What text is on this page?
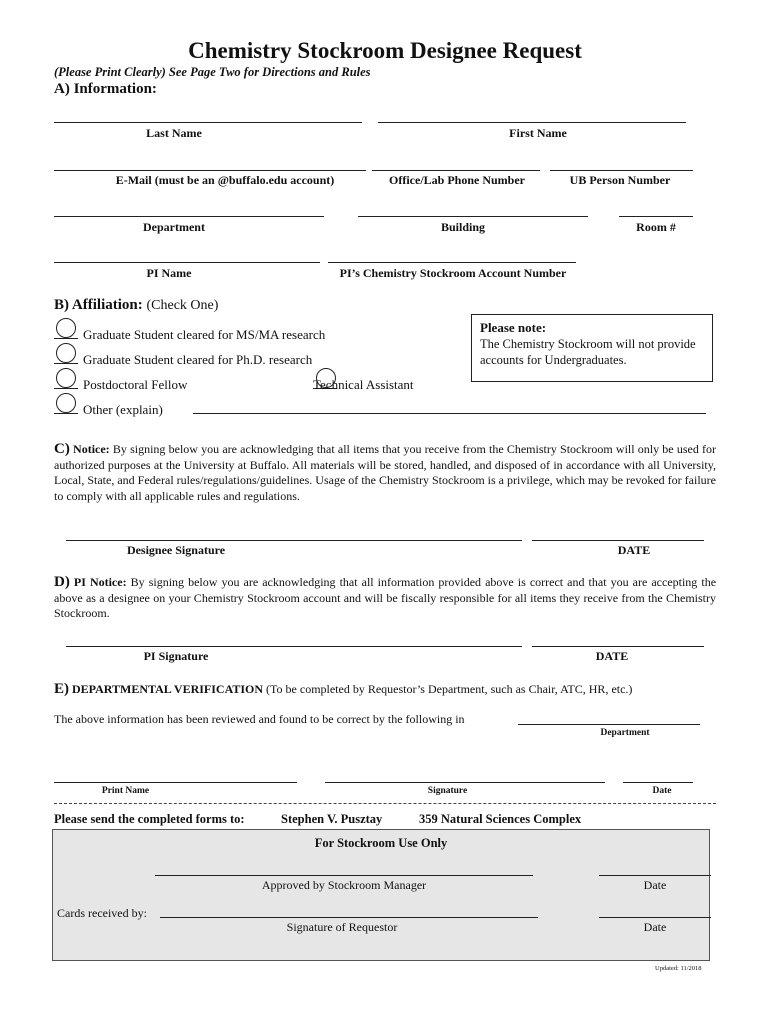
Chemistry Stockroom Designee Request
(Please Print Clearly) See Page Two for Directions and Rules
A) Information:
Last Name	First Name
E-Mail (must be an @buffalo.edu account)	Office/Lab Phone Number	UB Person Number
Department	Building	Room #
PI Name	PI’s Chemistry Stockroom Account Number
B) Affiliation: (Check One)
Graduate Student cleared for MS/MA research
Graduate Student cleared for Ph.D. research
Postdoctoral Fellow	Technical Assistant
Other (explain)
Please note:
The Chemistry Stockroom will not provide accounts for Undergraduates.
C) Notice: By signing below you are acknowledging that all items that you receive from the Chemistry Stockroom will only be used for authorized purposes at the University at Buffalo. All materials will be stored, handled, and disposed of in accordance with all University, Local, State, and Federal rules/regulations/guidelines. Usage of the Chemistry Stockroom is a privilege, which may be revoked for failure to comply with all applicable rules and regulations.
Designee Signature	DATE
D) PI Notice: By signing below you are acknowledging that all information provided above is correct and that you are accepting the above as a designee on your Chemistry Stockroom account and will be fiscally responsible for all items they receive from the Chemistry Stockroom.
PI Signature	DATE
E) DEPARTMENTAL VERIFICATION (To be completed by Requestor’s Department, such as Chair, ATC, HR, etc.)
The above information has been reviewed and found to be correct by the following in
Department
Print Name	Signature	Date
Please send the completed forms to:	Stephen V. Pusztay	359 Natural Sciences Complex
For Stockroom Use Only
Approved by Stockroom Manager	Date
Cards received by:
Signature of Requestor	Date
Updated: 11/2018
